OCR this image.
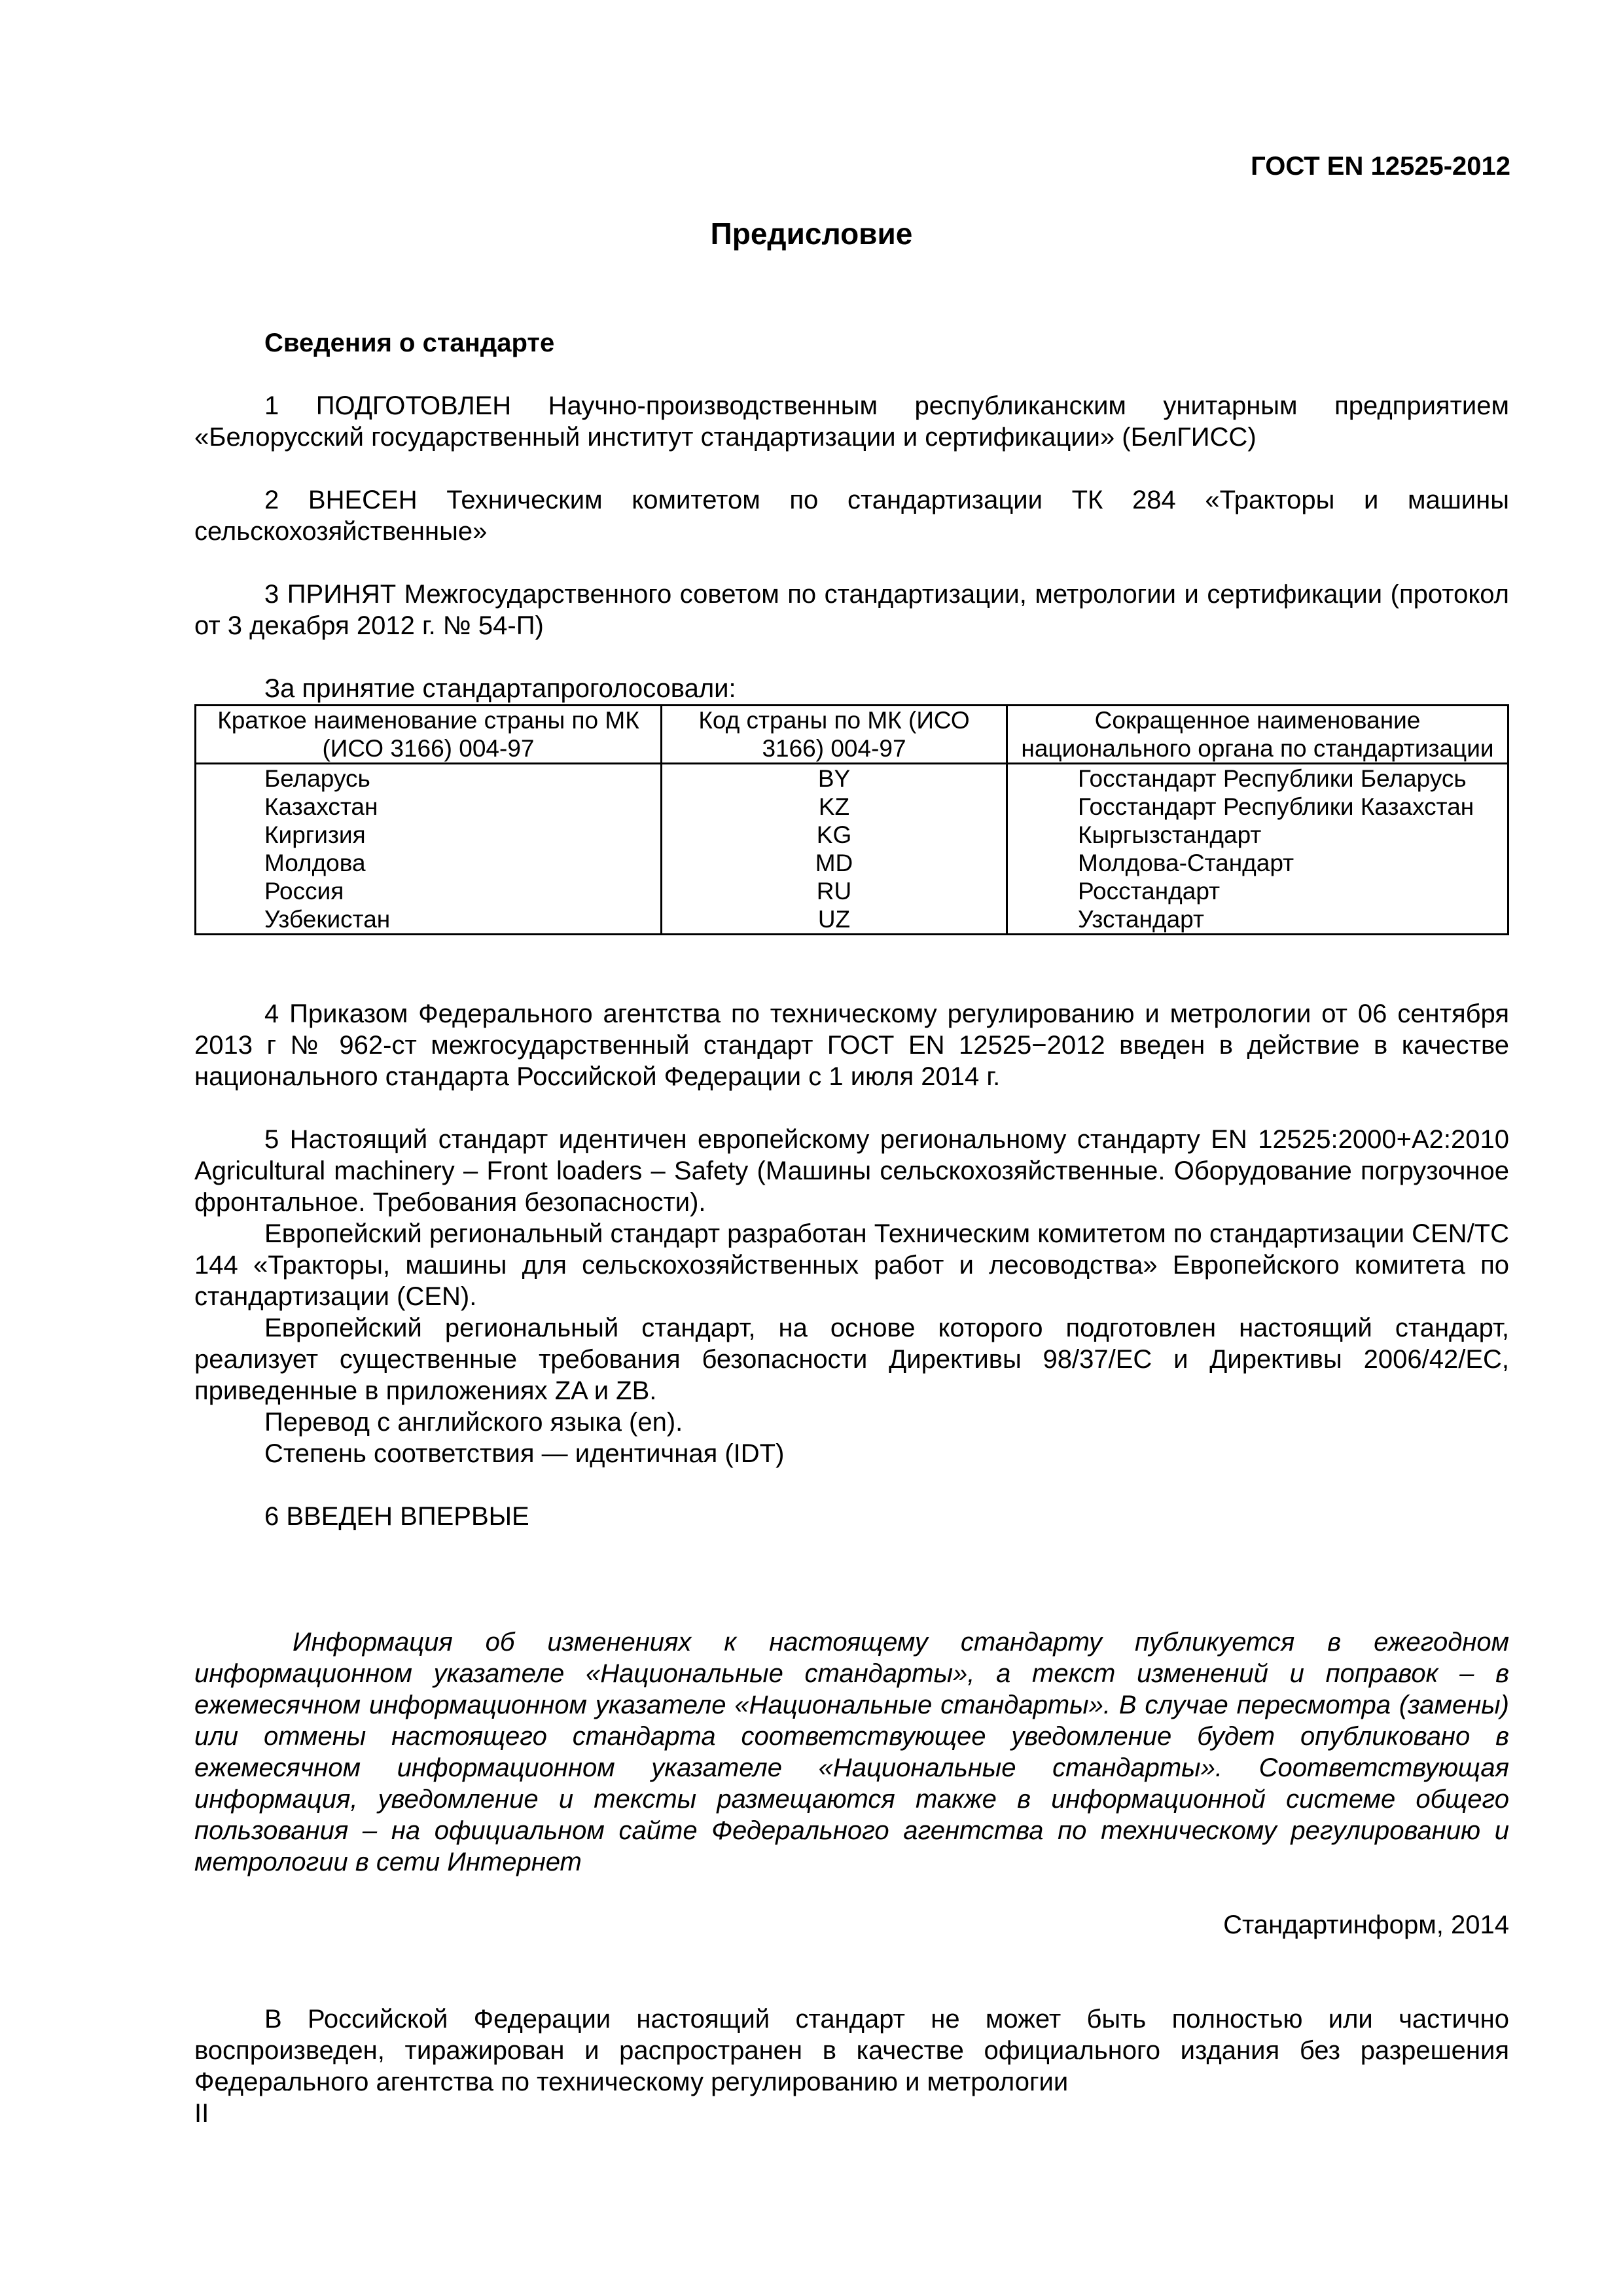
ГОСТ EN 12525-2012
Предисловие

Сведения о стандарте

1 ПОДГОТОВЛЕН Научно-производственным республиканским унитарным предприятием «Белорусский государственный институт стандартизации и сертификации» (БелГИСС)

2 ВНЕСЕН Техническим комитетом по стандартизации ТК 284 «Тракторы и машины сельскохозяйственные»

3 ПРИНЯТ Межгосударственного советом по стандартизации, метрологии и сертификации (протокол от 3 декабря 2012 г. № 54-П)

За принятие стандартапроголосовали:

Краткое наименование страны по МК (ИСО 3166) 004-97	Код страны по МК (ИСО 3166) 004-97	Сокращенное наименование национального органа по стандартизации
Беларусь	BY	Госстандарт Республики Беларусь
Казахстан	KZ	Госстандарт Республики Казахстан
Киргизия	KG	Кыргызстандарт
Молдова	MD	Молдова-Стандарт
Россия	RU	Росстандарт
Узбекистан	UZ	Узстандарт

4 Приказом Федерального агентства по техническому регулированию и метрологии от 06 сентября 2013 г № 962-ст межгосударственный стандарт ГОСТ EN 12525−2012 введен в действие в качестве национального стандарта Российской Федерации с 1 июля 2014 г.

5 Настоящий стандарт идентичен европейскому региональному стандарту EN 12525:2000+A2:2010 Agricultural machinery – Front loaders – Safety (Машины сельскохозяйственные. Оборудование погрузочное фронтальное. Требования безопасности).

Европейский региональный стандарт разработан Техническим комитетом по стандартизации CEN/TC 144 «Тракторы, машины для сельскохозяйственных работ и лесоводства» Европейского комитета по стандартизации (CEN).

Европейский региональный стандарт, на основе которого подготовлен настоящий стандарт, реализует существенные требования безопасности Директивы 98/37/EC и Директивы 2006/42/EC, приведенные в приложениях ZA и ZB.

Перевод с английского языка (en).

Степень соответствия — идентичная (IDT)

6 ВВЕДЕН ВПЕРВЫЕ

Информация об изменениях к настоящему стандарту публикуется в ежегодном информационном указателе «Национальные стандарты», а текст изменений и поправок – в ежемесячном информационном указателе «Национальные стандарты». В случае пересмотра (замены) или отмены настоящего стандарта соответствующее уведомление будет опубликовано в ежемесячном информационном указателе «Национальные стандарты». Соответствующая информация, уведомление и тексты размещаются также в информационной системе общего пользования – на официальном сайте Федерального агентства по техническому регулированию и метрологии в сети Интернет

Стандартинформ, 2014

В Российской Федерации настоящий стандарт не может быть полностью или частично воспроизведен, тиражирован и распространен в качестве официального издания без разрешения Федерального агентства по техническому регулированию и метрологии

II
